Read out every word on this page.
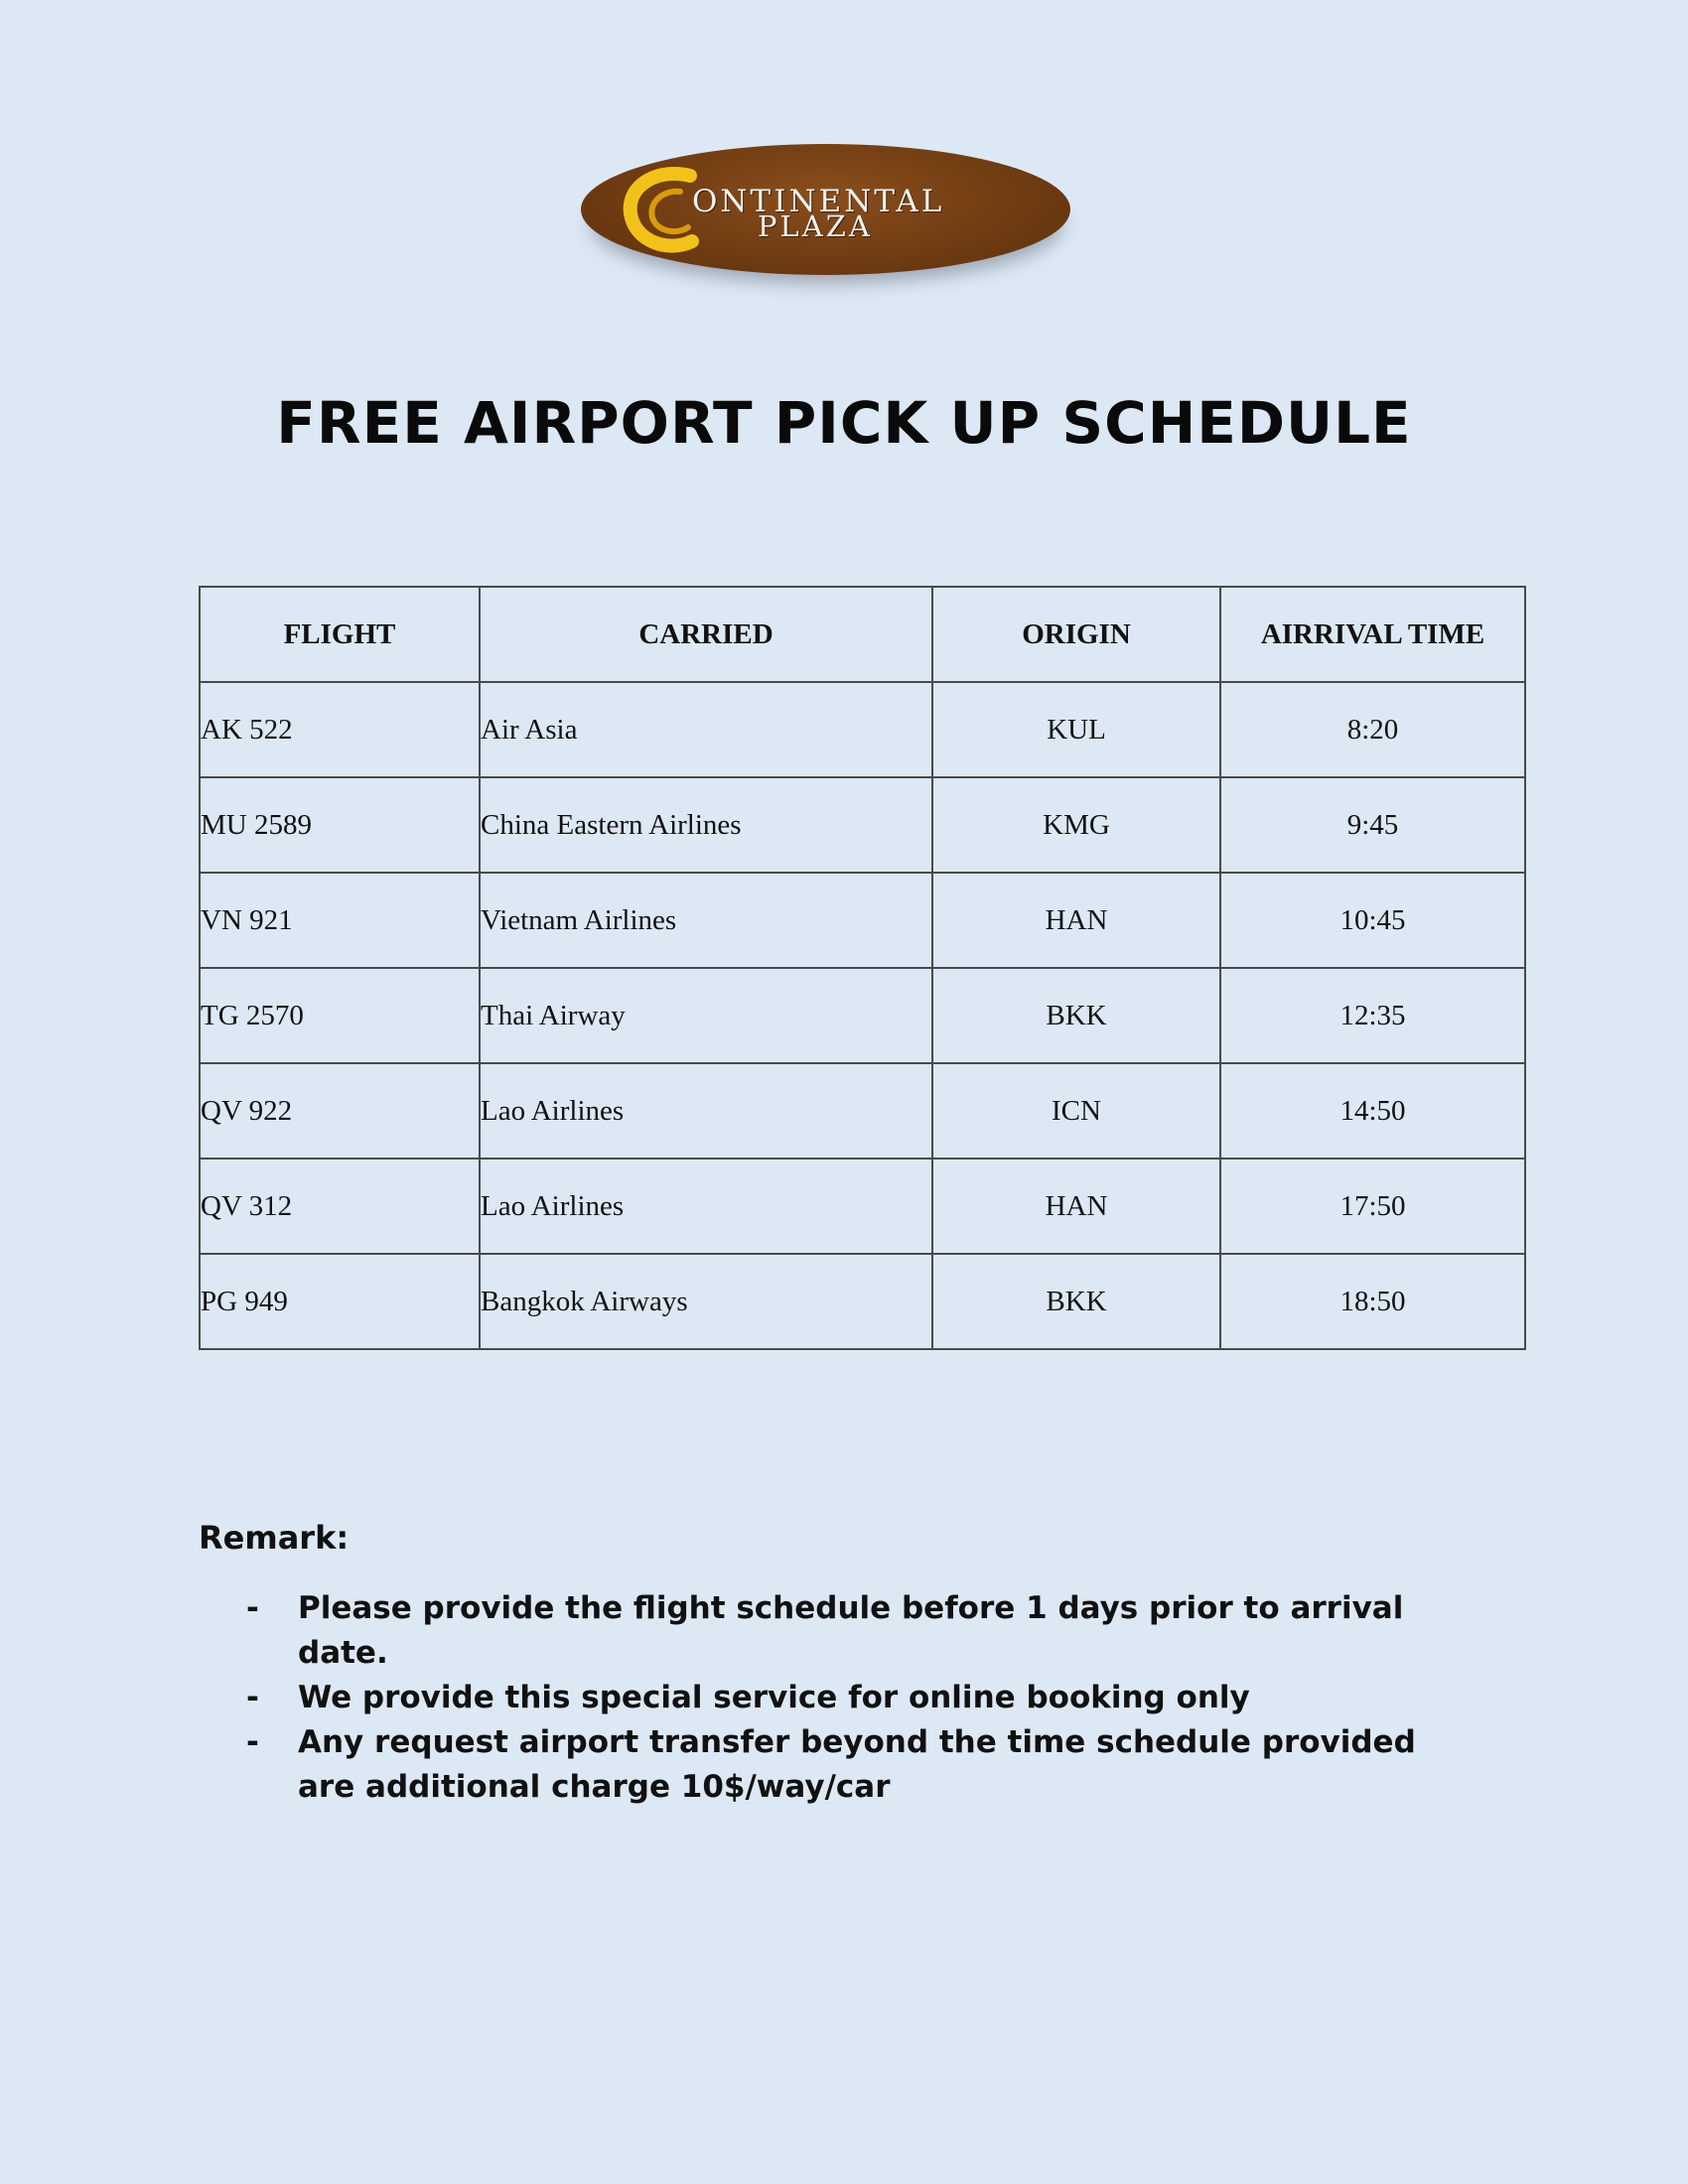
ONTINENTAL
PLAZA
FREE AIRPORT PICK UP SCHEDULE
FLIGHT	CARRIED	ORIGIN	AIRRIVAL TIME
AK 522	Air Asia	KUL	8:20
MU 2589	China Eastern Airlines	KMG	9:45
VN 921	Vietnam Airlines	HAN	10:45
TG 2570	Thai Airway	BKK	12:35
QV 922	Lao Airlines	ICN	14:50
QV 312	Lao Airlines	HAN	17:50
PG 949	Bangkok Airways	BKK	18:50
Remark:
- Please provide the flight schedule before 1 days prior to arrival date.
- We provide this special service for online booking only
- Any request airport transfer beyond the time schedule provided are additional charge 10$/way/car
